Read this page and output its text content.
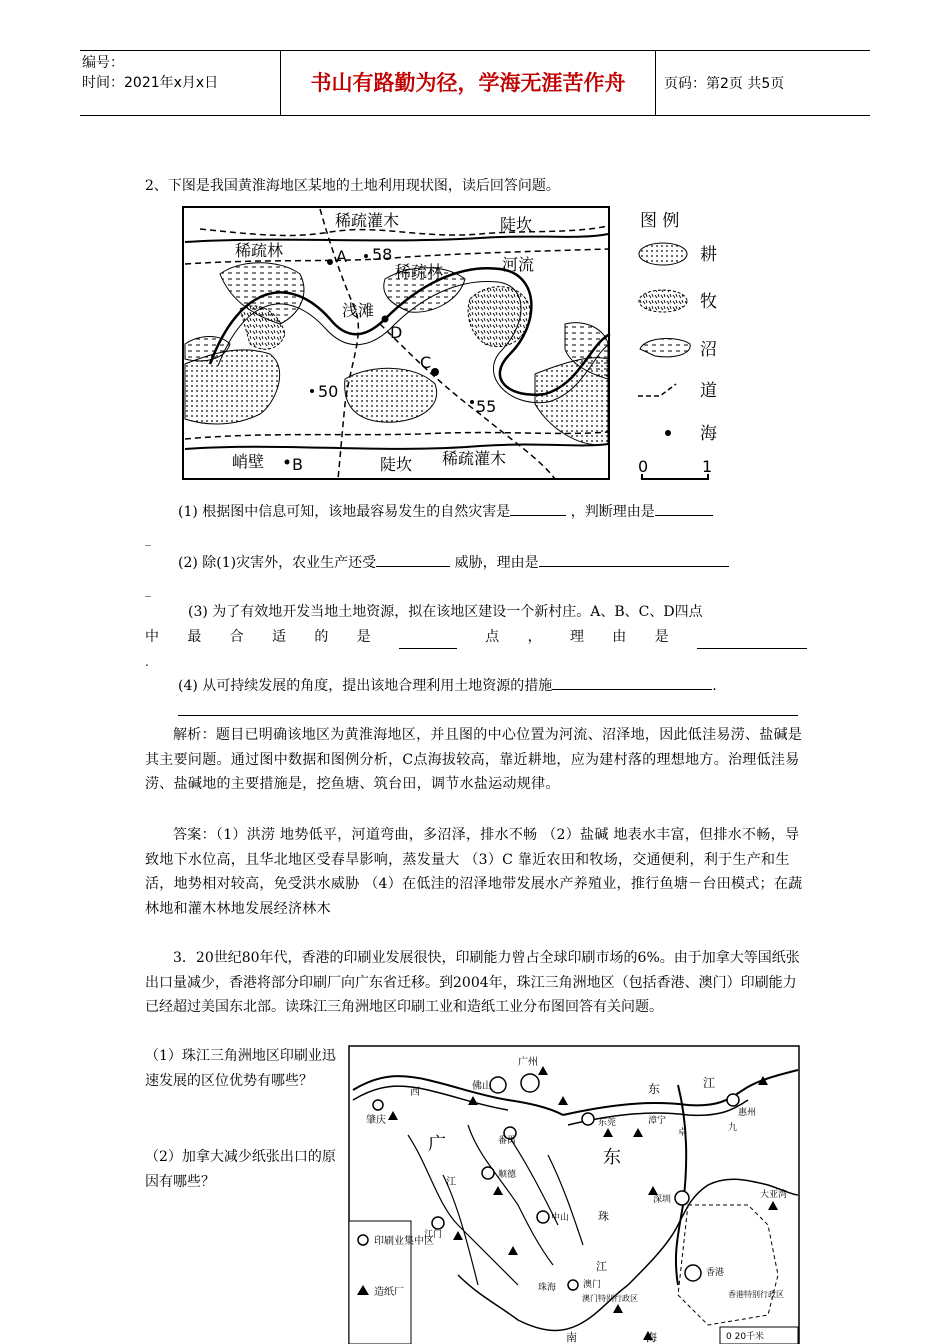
编号：
时间：2021年x月x日	书山有路勤为径，学海无涯苦作舟	页码：第2页 共5页
2、下图是我国黄淮海地区某地的土地利用现状图，读后回答问题。
稀疏灌木	陡坎
稀疏林	A 58
稀疏林	河流
浅滩
D
C
50
55
峭壁 B	陡坎 稀疏灌木
图 例
耕
牧
沼
道
海
0	1
(1) 根据图中信息可知，该地最容易发生的自然灾害是	，判断理由是
_
(2) 除(1)灾害外，农业生产还受	威胁，理由是
_
(3) 为了有效地开发当地土地资源，拟在该地区建设一个新村庄。A、B、C、D四点
中 最 合 适 的 是	点 ， 理 由 是
.
(4) 从可持续发展的角度，提出该地合理利用土地资源的措施	.
解析：题目已明确该地区为黄淮海地区，并且图的中心位置为河流、沼泽地，因此低洼易涝、盐碱是其主要问题。通过图中数据和图例分析，C点海拔较高，靠近耕地，应为建村落的理想地方。治理低洼易涝、盐碱地的主要措施是，挖鱼塘、筑台田，调节水盐运动规律。
答案：（1）洪涝 地势低平，河道弯曲，多沼泽，排水不畅 （2）盐碱 地表水丰富，但排水不畅，导致地下水位高，且华北地区受春旱影响，蒸发量大 （3）C 靠近农田和牧场，交通便利，利于生产和生活，地势相对较高，免受洪水威胁 （4）在低洼的沼泽地带发展水产养殖业，推行鱼塘－台田模式；在蔬林地和灌木林地发展经济林木
3．20世纪80年代，香港的印刷业发展很快，印刷能力曾占全球印刷市场的6%。由于加拿大等国纸张出口量减少，香港将部分印刷厂向广东省迁移。到2004年，珠江三角洲地区（包括香港、澳门）印刷能力已经超过美国东北部。读珠江三角洲地区印刷工业和造纸工业分布图回答有关问题。
（1）珠江三角洲地区印刷业迅速发展的区位优势有哪些？
（2）加拿大减少纸张出口的原因有哪些？
印刷业集中区
造纸厂
广州
佛山
肇庆
西
东莞	漳宁
惠州
东	江
九
卓
番禺
广
东
顺德
江
江门
中山	珠
深圳	大亚湾
珠海
江
澳门
澳门特别行政区
香港
香港特别行政区
南	海	0 20千米
